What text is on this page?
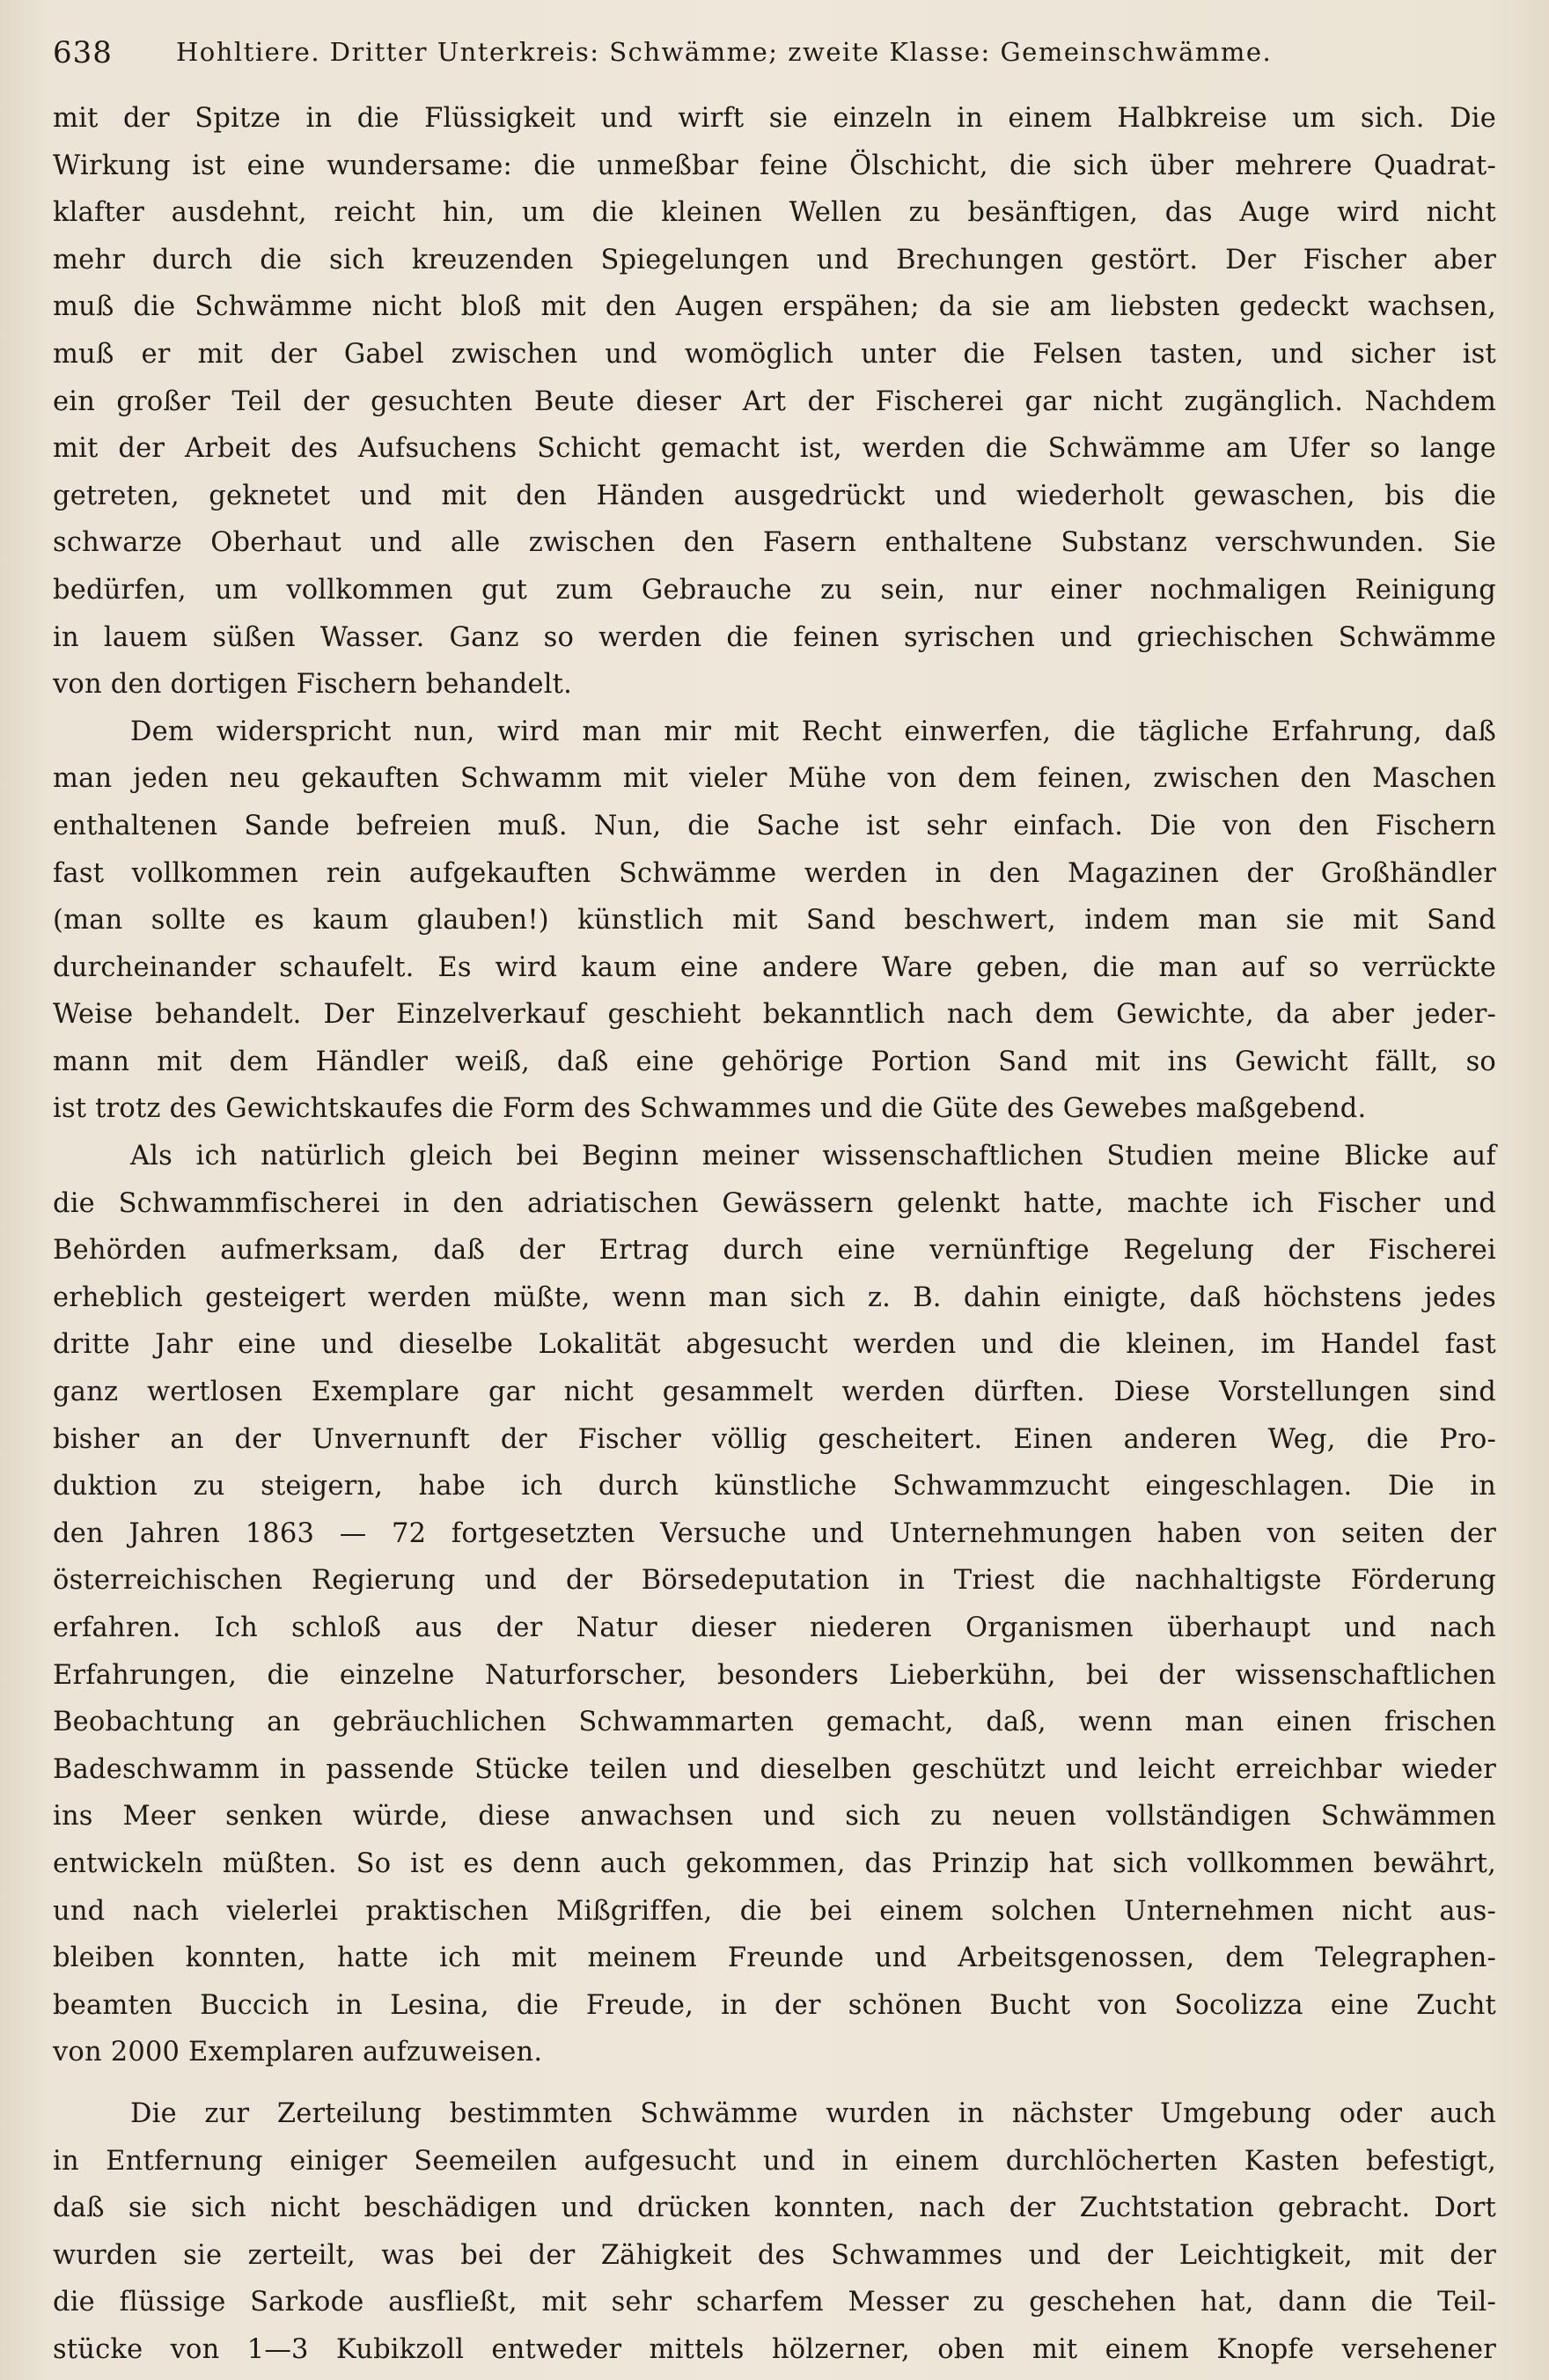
638 Hohltiere. Dritter Unterkreis: Schwämme; zweite Klasse: Gemeinschwämme.
mit der Spitze in die Flüssigkeit und wirft sie einzeln in einem Halbkreise um sich. Die
Wirkung ist eine wundersame: die unmeßbar feine Ölschicht, die sich über mehrere Quadrat-
klafter ausdehnt, reicht hin, um die kleinen Wellen zu besänftigen, das Auge wird nicht
mehr durch die sich kreuzenden Spiegelungen und Brechungen gestört. Der Fischer aber
muß die Schwämme nicht bloß mit den Augen erspähen; da sie am liebsten gedeckt wachsen,
muß er mit der Gabel zwischen und womöglich unter die Felsen tasten, und sicher ist
ein großer Teil der gesuchten Beute dieser Art der Fischerei gar nicht zugänglich. Nachdem
mit der Arbeit des Aufsuchens Schicht gemacht ist, werden die Schwämme am Ufer so lange
getreten, geknetet und mit den Händen ausgedrückt und wiederholt gewaschen, bis die
schwarze Oberhaut und alle zwischen den Fasern enthaltene Substanz verschwunden. Sie
bedürfen, um vollkommen gut zum Gebrauche zu sein, nur einer nochmaligen Reinigung
in lauem süßen Wasser. Ganz so werden die feinen syrischen und griechischen Schwämme
von den dortigen Fischern behandelt.
Dem widerspricht nun, wird man mir mit Recht einwerfen, die tägliche Erfahrung, daß
man jeden neu gekauften Schwamm mit vieler Mühe von dem feinen, zwischen den Maschen
enthaltenen Sande befreien muß. Nun, die Sache ist sehr einfach. Die von den Fischern
fast vollkommen rein aufgekauften Schwämme werden in den Magazinen der Großhändler
(man sollte es kaum glauben!) künstlich mit Sand beschwert, indem man sie mit Sand
durcheinander schaufelt. Es wird kaum eine andere Ware geben, die man auf so verrückte
Weise behandelt. Der Einzelverkauf geschieht bekanntlich nach dem Gewichte, da aber jeder-
mann mit dem Händler weiß, daß eine gehörige Portion Sand mit ins Gewicht fällt, so
ist trotz des Gewichtskaufes die Form des Schwammes und die Güte des Gewebes maßgebend.
Als ich natürlich gleich bei Beginn meiner wissenschaftlichen Studien meine Blicke auf
die Schwammfischerei in den adriatischen Gewässern gelenkt hatte, machte ich Fischer und
Behörden aufmerksam, daß der Ertrag durch eine vernünftige Regelung der Fischerei
erheblich gesteigert werden müßte, wenn man sich z. B. dahin einigte, daß höchstens jedes
dritte Jahr eine und dieselbe Lokalität abgesucht werden und die kleinen, im Handel fast
ganz wertlosen Exemplare gar nicht gesammelt werden dürften. Diese Vorstellungen sind
bisher an der Unvernunft der Fischer völlig gescheitert. Einen anderen Weg, die Pro-
duktion zu steigern, habe ich durch künstliche Schwammzucht eingeschlagen. Die in
den Jahren 1863 — 72 fortgesetzten Versuche und Unternehmungen haben von seiten der
österreichischen Regierung und der Börsedeputation in Triest die nachhaltigste Förderung
erfahren. Ich schloß aus der Natur dieser niederen Organismen überhaupt und nach
Erfahrungen, die einzelne Naturforscher, besonders Lieberkühn, bei der wissenschaftlichen
Beobachtung an gebräuchlichen Schwammarten gemacht, daß, wenn man einen frischen
Badeschwamm in passende Stücke teilen und dieselben geschützt und leicht erreichbar wieder
ins Meer senken würde, diese anwachsen und sich zu neuen vollständigen Schwämmen
entwickeln müßten. So ist es denn auch gekommen, das Prinzip hat sich vollkommen bewährt,
und nach vielerlei praktischen Mißgriffen, die bei einem solchen Unternehmen nicht aus-
bleiben konnten, hatte ich mit meinem Freunde und Arbeitsgenossen, dem Telegraphen-
beamten Buccich in Lesina, die Freude, in der schönen Bucht von Socolizza eine Zucht
von 2000 Exemplaren aufzuweisen.
Die zur Zerteilung bestimmten Schwämme wurden in nächster Umgebung oder auch
in Entfernung einiger Seemeilen aufgesucht und in einem durchlöcherten Kasten befestigt,
daß sie sich nicht beschädigen und drücken konnten, nach der Zuchtstation gebracht. Dort
wurden sie zerteilt, was bei der Zähigkeit des Schwammes und der Leichtigkeit, mit der
die flüssige Sarkode ausfließt, mit sehr scharfem Messer zu geschehen hat, dann die Teil-
stücke von 1—3 Kubikzoll entweder mittels hölzerner, oben mit einem Knopfe versehener
